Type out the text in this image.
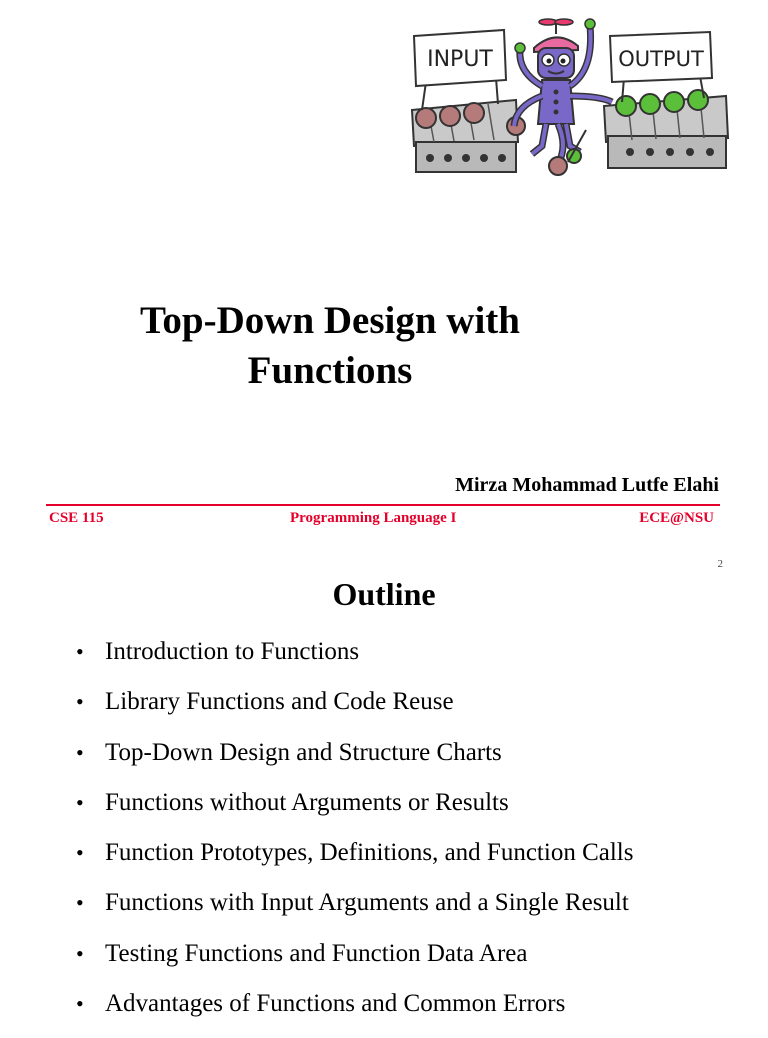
INPUT	OUTPUT
Top-Down Design with
Functions
Mirza Mohammad Lutfe Elahi
CSE 115	Programming Language I	ECE@NSU
2
Outline
• Introduction to Functions
• Library Functions and Code Reuse
• Top-Down Design and Structure Charts
• Functions without Arguments or Results
• Function Prototypes, Definitions, and Function Calls
• Functions with Input Arguments and a Single Result
• Testing Functions and Function Data Area
• Advantages of Functions and Common Errors
